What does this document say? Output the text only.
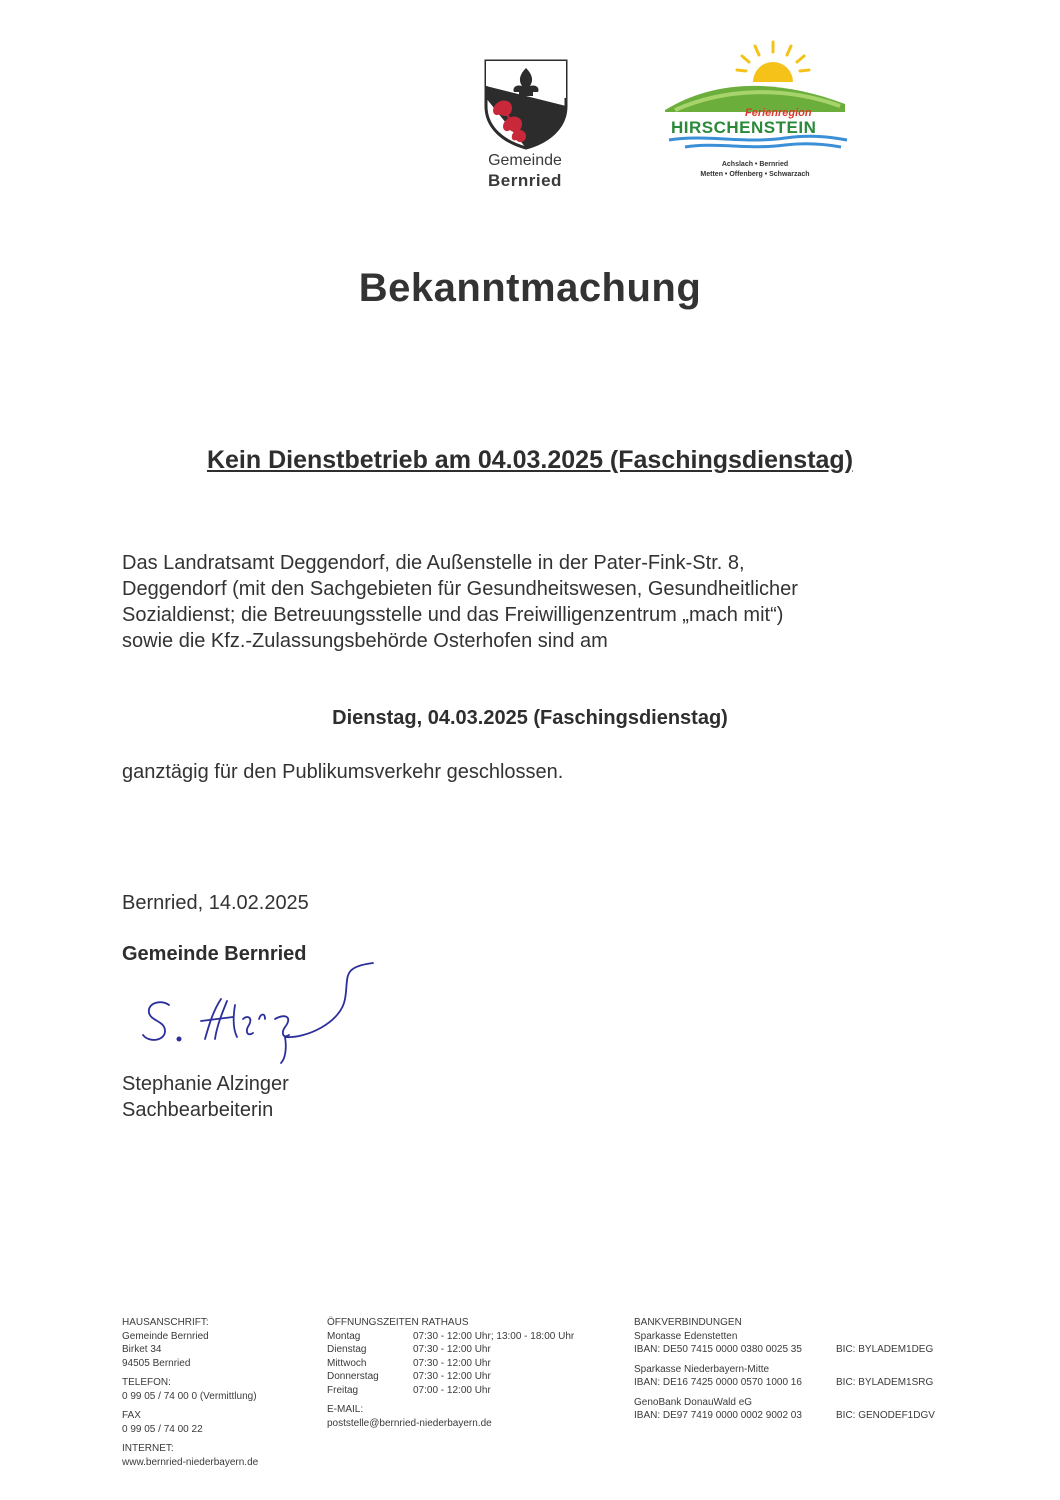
Gemeinde
Bernried
Ferienregion
HIRSCHENSTEIN
Achslach • Bernried
Metten • Offenberg • Schwarzach
Bekanntmachung
Kein Dienstbetrieb am 04.03.2025 (Faschingsdienstag)
Das Landratsamt Deggendorf, die Außenstelle in der Pater-Fink-Str. 8,
Deggendorf (mit den Sachgebieten für Gesundheitswesen, Gesundheitlicher
Sozialdienst; die Betreuungsstelle und das Freiwilligenzentrum „mach mit“)
sowie die Kfz.-Zulassungsbehörde Osterhofen sind am
Dienstag, 04.03.2025 (Faschingsdienstag)
ganztägig für den Publikumsverkehr geschlossen.
Bernried, 14.02.2025
Gemeinde Bernried
Stephanie Alzinger
Sachbearbeiterin
HAUSANSCHRIFT:
Gemeinde Bernried
Birket 34
94505 Bernried
TELEFON:
0 99 05 / 74 00 0 (Vermittlung)
FAX
0 99 05 / 74 00 22
INTERNET:
www.bernried-niederbayern.de
ÖFFNUNGSZEITEN RATHAUS
Montag	07:30 - 12:00 Uhr; 13:00 - 18:00 Uhr
Dienstag	07:30 - 12:00 Uhr
Mittwoch	07:30 - 12:00 Uhr
Donnerstag	07:30 - 12:00 Uhr
Freitag	07:00 - 12:00 Uhr
E-MAIL:
poststelle@bernried-niederbayern.de
BANKVERBINDUNGEN
Sparkasse Edenstetten
IBAN: DE50 7415 0000 0380 0025 35	BIC: BYLADEM1DEG
Sparkasse Niederbayern-Mitte
IBAN: DE16 7425 0000 0570 1000 16	BIC: BYLADEM1SRG
GenoBank DonauWald eG
IBAN: DE97 7419 0000 0002 9002 03	BIC: GENODEF1DGV
